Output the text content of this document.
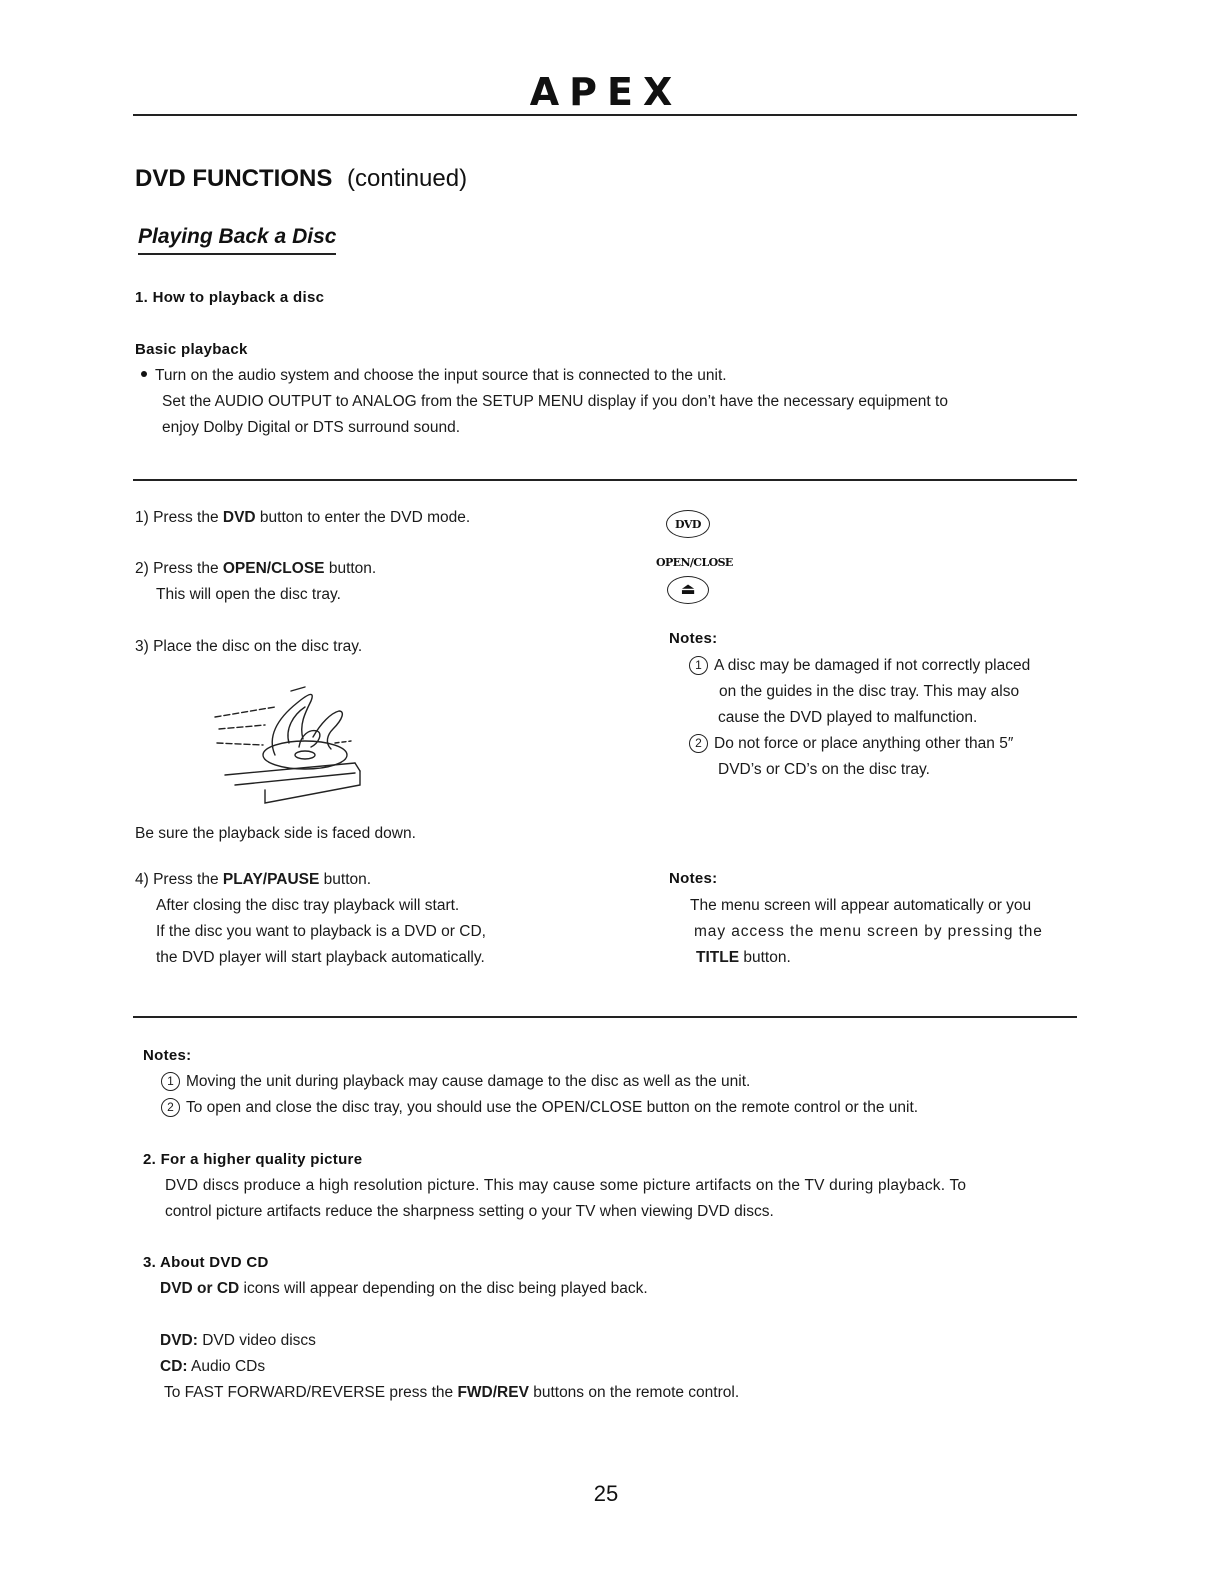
APEX
DVD FUNCTIONS (continued)
Playing Back a Disc
1. How to playback a disc
Basic playback
Turn on the audio system and choose the input source that is connected to the unit.
Set the AUDIO OUTPUT to ANALOG from the SETUP MENU display if you don’t have the necessary equipment to
enjoy Dolby Digital or DTS surround sound.
1) Press the DVD button to enter the DVD mode.
2) Press the OPEN/CLOSE button.
This will open the disc tray.
3) Place the disc on the disc tray.
Be sure the playback side is faced down.
4) Press the PLAY/PAUSE button.
After closing the disc tray playback will start.
If the disc you want to playback is a DVD or CD,
the DVD player will start playback automatically.
DVD
OPEN/CLOSE
⏏
Notes:
1 A disc may be damaged if not correctly placed
on the guides in the disc tray. This may also
cause the DVD played to malfunction.
2 Do not force or place anything other than 5″
DVD’s or CD’s on the disc tray.
Notes:
The menu screen will appear automatically or you
may access the menu screen by pressing the
TITLE button.
Notes:
1 Moving the unit during playback may cause damage to the disc as well as the unit.
2 To open and close the disc tray, you should use the OPEN/CLOSE button on the remote control or the unit.
2. For a higher quality picture
DVD discs produce a high resolution picture. This may cause some picture artifacts on the TV during playback. To
control picture artifacts reduce the sharpness setting o your TV when viewing DVD discs.
3. About DVD CD
DVD or CD icons will appear depending on the disc being played back.
DVD: DVD video discs
CD: Audio CDs
To FAST FORWARD/REVERSE press the FWD/REV buttons on the remote control.
25
